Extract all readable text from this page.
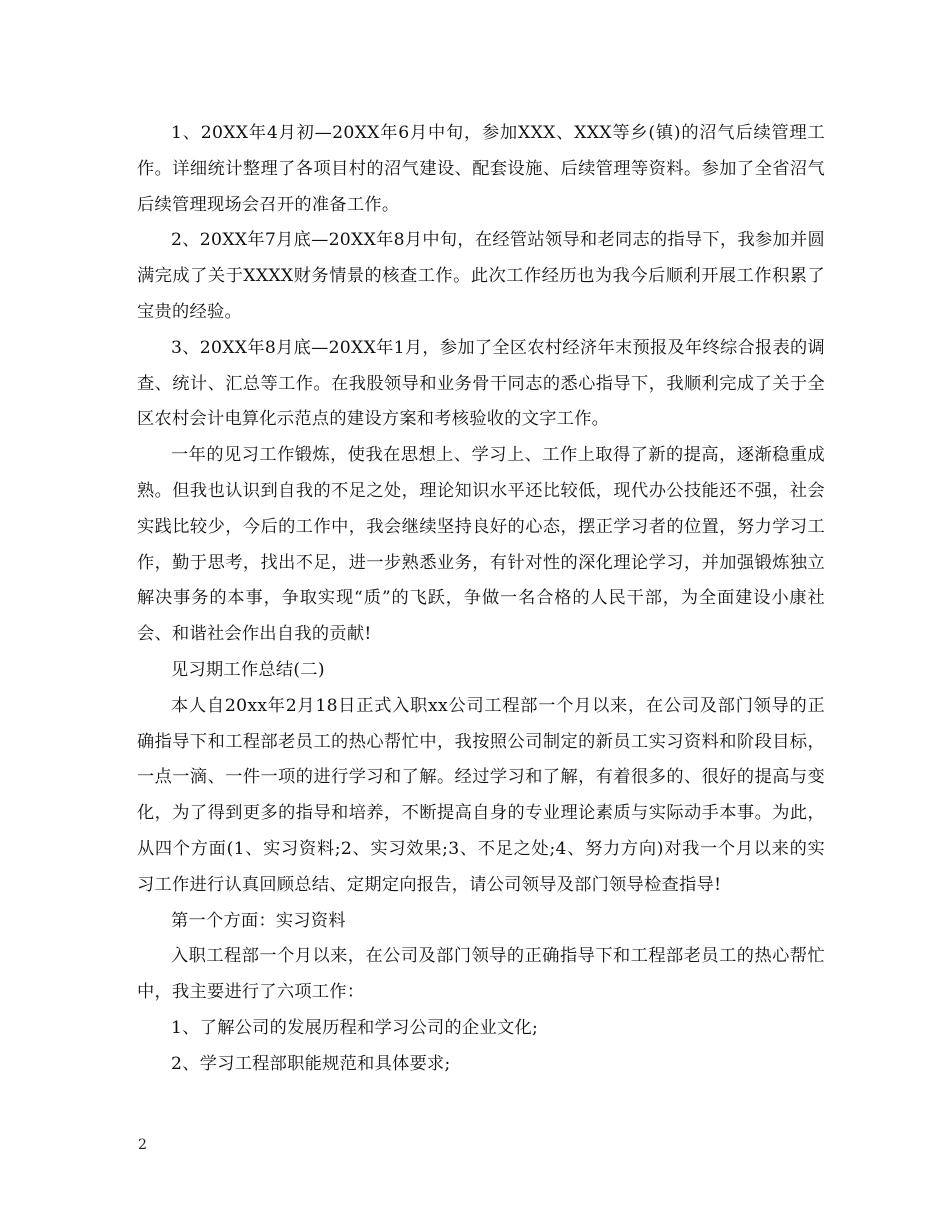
1、20XX年4月初—20XX年6月中旬，参加XXX、XXX等乡(镇)的沼气后续管理工作。详细统计整理了各项目村的沼气建设、配套设施、后续管理等资料。参加了全省沼气后续管理现场会召开的准备工作。

2、20XX年7月底—20XX年8月中旬，在经管站领导和老同志的指导下，我参加并圆满完成了关于XXXX财务情景的核查工作。此次工作经历也为我今后顺利开展工作积累了宝贵的经验。

3、20XX年8月底—20XX年1月，参加了全区农村经济年末预报及年终综合报表的调查、统计、汇总等工作。在我股领导和业务骨干同志的悉心指导下，我顺利完成了关于全区农村会计电算化示范点的建设方案和考核验收的文字工作。

一年的见习工作锻炼，使我在思想上、学习上、工作上取得了新的提高，逐渐稳重成熟。但我也认识到自我的不足之处，理论知识水平还比较低，现代办公技能还不强，社会实践比较少，今后的工作中，我会继续坚持良好的心态，摆正学习者的位置，努力学习工作，勤于思考，找出不足，进一步熟悉业务，有针对性的深化理论学习，并加强锻炼独立解决事务的本事，争取实现“质”的飞跃，争做一名合格的人民干部，为全面建设小康社会、和谐社会作出自我的贡献!

见习期工作总结(二)

本人自20xx年2月18日正式入职xx公司工程部一个月以来，在公司及部门领导的正确指导下和工程部老员工的热心帮忙中，我按照公司制定的新员工实习资料和阶段目标，一点一滴、一件一项的进行学习和了解。经过学习和了解，有着很多的、很好的提高与变化，为了得到更多的指导和培养，不断提高自身的专业理论素质与实际动手本事。为此，从四个方面(1、实习资料;2、实习效果;3、不足之处;4、努力方向)对我一个月以来的实习工作进行认真回顾总结、定期定向报告，请公司领导及部门领导检查指导!

第一个方面：实习资料

入职工程部一个月以来，在公司及部门领导的正确指导下和工程部老员工的热心帮忙中，我主要进行了六项工作：

1、了解公司的发展历程和学习公司的企业文化;

2、学习工程部职能规范和具体要求;

2
